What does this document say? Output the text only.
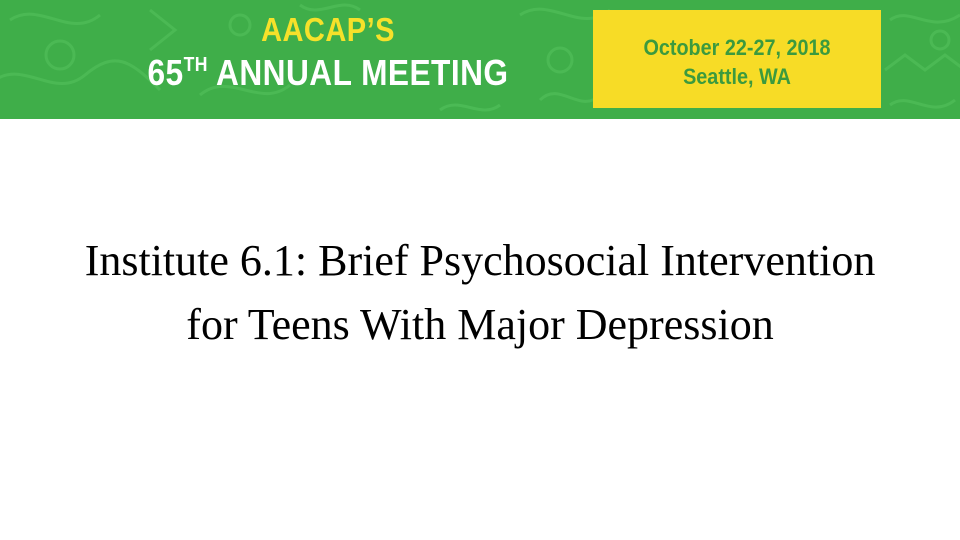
AACAP’S
65TH ANNUAL MEETING
October 22-27, 2018
Seattle, WA
Institute 6.1: Brief Psychosocial Intervention for Teens With Major Depression
